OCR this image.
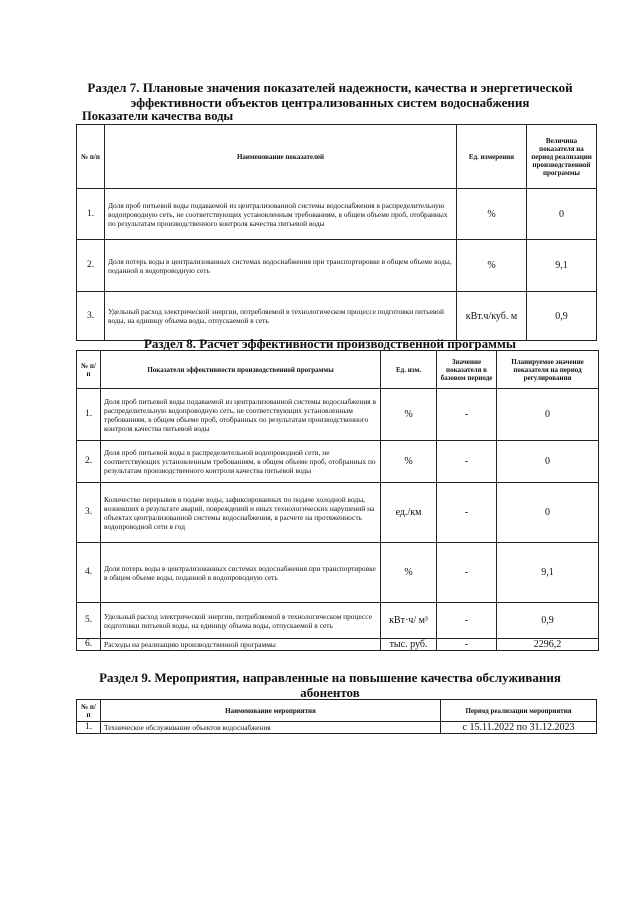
Раздел 7. Плановые значения показателей надежности, качества и энергетической
эффективности объектов централизованных систем водоснабжения
Показатели качества воды
№ п/п	Наименование показателей	Ед. измерения	Величина показателя на период реализации производственной программы
1.	Доля проб питьевой воды подаваемой из централизованной системы водоснабжения в распределительную водопроводную сеть, не соответствующих установленным требованиям, в общем объеме проб, отобранных по результатам производственного контроля качества питьевой воды	%	0
2.	Доля потерь воды в централизованных системах водоснабжения при транспортировке в общем объеме воды, поданной в водопроводную сеть	%	9,1
3.	Удельный расход электрической энергии, потребляемой в технологическом процессе подготовки питьевой воды, на единицу объема воды, отпускаемой в сеть	кВт.ч/куб. м	0,9
Раздел 8. Расчет эффективности производственной программы
№ п/п	Показатели эффективности производственной программы	Ед. изм.	Значение показателя в базовом периоде	Планируемое значение показателя на период регулирования
1.	Доля проб питьевой воды подаваемой из централизованной системы водоснабжения в распределительную водопроводную сеть, не соответствующих установленным требованиям, в общем объеме проб, отобранных по результатам производственного контроля качества питьевой воды	%	-	0
2.	Доля проб питьевой воды в распределительной водопроводной сети, не соответствующих установленным требованиям, в общем объеме проб, отобранных по результатам производственного контроля качества питьевой воды	%	-	0
3.	Количество перерывов в подаче воды, зафиксированных по подаче холодной воды, возникших в результате аварий, повреждений и иных технологических нарушений на объектах централизованной системы водоснабжения, в расчете на протяженность водопроводной сети в год	ед./км	-	0
4.	Доля потерь воды в централизованных системах водоснабжения при транспортировке в общем объеме воды, поданной в водопроводную сеть	%	-	9,1
5.	Удельный расход электрической энергии, потребляемой в технологическом процессе подготовки питьевой воды, на единицу объема воды, отпускаемой в сеть	кВт·ч/ м³	-	0,9
6.	Расходы на реализацию производственной программы	тыс. руб.	-	2296,2
Раздел 9. Мероприятия, направленные на повышение качества обслуживания
абонентов
№ п/п	Наименование мероприятия	Период реализации мероприятия
1.	Техническое обслуживание объектов водоснабжения	с 15.11.2022 по 31.12.2023
